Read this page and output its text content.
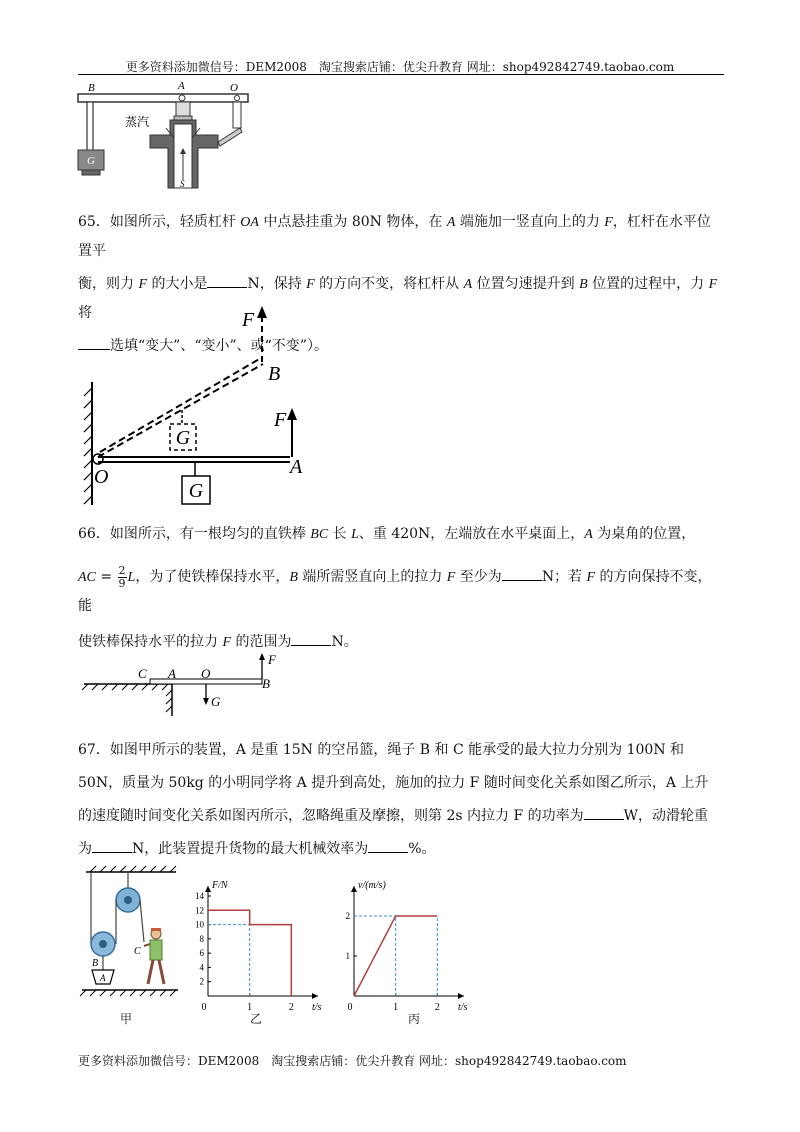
更多资料添加微信号：DEM2008　淘宝搜索店铺：优尖升教育 网址：shop492842749.taobao.com
G
B	A	O
S
蒸汽
65．如图所示，轻质杠杆 OA 中点悬挂重为 80N 物体，在 A 端施加一竖直向上的力 F，杠杆在水平位置平
衡，则力 F 的大小是	N，保持 F 的方向不变，将杠杆从 A 位置匀速提升到 B 位置的过程中，力 F 将
选填“变大”、“变小”、或“不变”）。
F
B
F
A
G
G
O
66．如图所示，有一根均匀的直铁棒 BC 长 L、重 420N，左端放在水平桌面上，A 为桌角的位置，
AC = $\frac{2}{9}$ L，为了使铁棒保持水平，B 端所需竖直向上的拉力 F 至少为	N；若 F 的方向保持不变，能
使铁棒保持水平的拉力 F 的范围为	N。
F
B
G
C A O
67．如图甲所示的装置，A 是重 15N 的空吊篮，绳子 B 和 C 能承受的最大拉力分别为 100N 和
50N，质量为 50kg 的小明同学将 A 提升到高处，施加的拉力 F 随时间变化关系如图乙所示，A 上升
的速度随时间变化关系如图丙所示，忽略绳重及摩擦，则第 2s 内拉力 F 的功率为	W，动滑轮重
为	N，此装置提升货物的最大机械效率为	%。
B
C
A
甲
F/N
t/s
0	1	2
2
4
6
8
10
12
14
乙
v/(m/s)
t/s
0	1	2
1
2
丙
更多资料添加微信号：DEM2008　淘宝搜索店铺：优尖升教育 网址：shop492842749.taobao.com
